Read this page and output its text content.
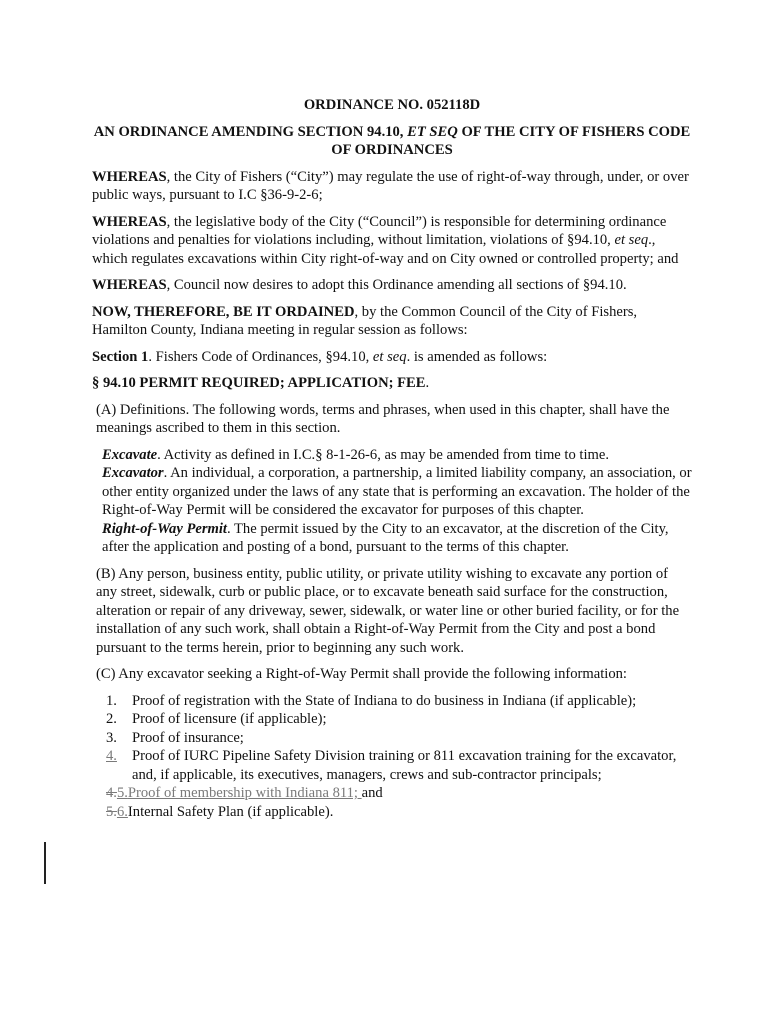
ORDINANCE NO. 052118D

AN ORDINANCE AMENDING SECTION 94.10, ET SEQ OF THE CITY OF FISHERS CODE OF ORDINANCES

WHEREAS, the City of Fishers (“City”) may regulate the use of right-of-way through, under, or over public ways, pursuant to I.C §36-9-2-6;

WHEREAS, the legislative body of the City (“Council”) is responsible for determining ordinance violations and penalties for violations including, without limitation, violations of §94.10, et seq., which regulates excavations within City right-of-way and on City owned or controlled property; and

WHEREAS, Council now desires to adopt this Ordinance amending all sections of §94.10.

NOW, THEREFORE, BE IT ORDAINED, by the Common Council of the City of Fishers, Hamilton County, Indiana meeting in regular session as follows:

Section 1. Fishers Code of Ordinances, §94.10, et seq. is amended as follows:

§ 94.10 PERMIT REQUIRED; APPLICATION; FEE.

(A) Definitions. The following words, terms and phrases, when used in this chapter, shall have the meanings ascribed to them in this section.

Excavate. Activity as defined in I.C.§ 8-1-26-6, as may be amended from time to time.
Excavator. An individual, a corporation, a partnership, a limited liability company, an association, or other entity organized under the laws of any state that is performing an excavation. The holder of the Right-of-Way Permit will be considered the excavator for purposes of this chapter.
Right-of-Way Permit. The permit issued by the City to an excavator, at the discretion of the City, after the application and posting of a bond, pursuant to the terms of this chapter.

(B) Any person, business entity, public utility, or private utility wishing to excavate any portion of any street, sidewalk, curb or public place, or to excavate beneath said surface for the construction, alteration or repair of any driveway, sewer, sidewalk, or water line or other buried facility, or for the installation of any such work, shall obtain a Right-of-Way Permit from the City and post a bond pursuant to the terms herein, prior to beginning any such work.

(C) Any excavator seeking a Right-of-Way Permit shall provide the following information:

1. Proof of registration with the State of Indiana to do business in Indiana (if applicable);
2. Proof of licensure (if applicable);
3. Proof of insurance;
4. Proof of IURC Pipeline Safety Division training or 811 excavation training for the excavator, and, if applicable, its executives, managers, crews and sub-contractor principals;
4.5.Proof of membership with Indiana 811; and
5.6.Internal Safety Plan (if applicable).
